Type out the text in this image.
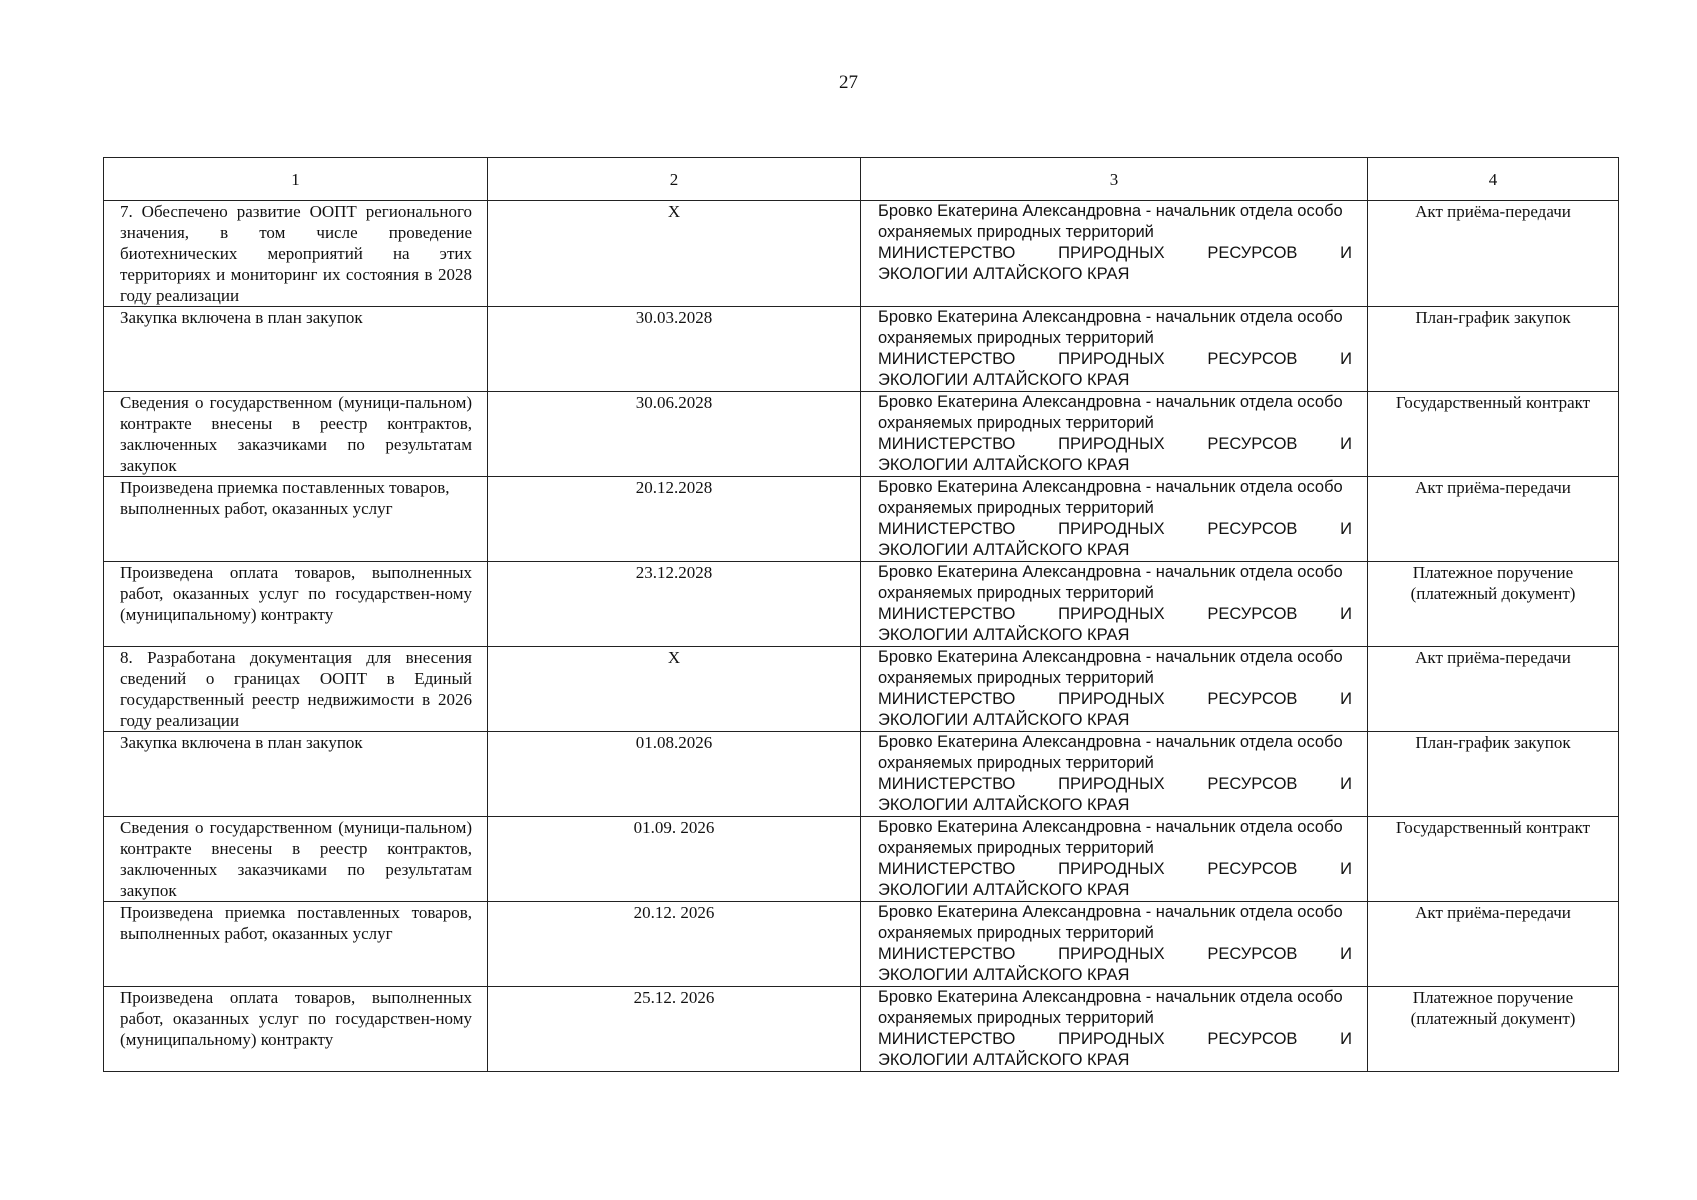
27
1	2	3	4

7. Обеспечено развитие ООПТ регионального значения, в том числе проведение биотехнических мероприятий на этих территориях и мониторинг их состояния в 2028 году реализации	Х	Бровко Екатерина Александровна - начальник отдела особо охраняемых природных территорий
МИНИСТЕРСТВО ПРИРОДНЫХ РЕСУРСОВ И
ЭКОЛОГИИ АЛТАЙСКОГО КРАЯ	Акт приёма-передачи

Закупка включена в план закупок	30.03.2028	Бровко Екатерина Александровна - начальник отдела особо охраняемых природных территорий
МИНИСТЕРСТВО ПРИРОДНЫХ РЕСУРСОВ И
ЭКОЛОГИИ АЛТАЙСКОГО КРАЯ	План-график закупок

Сведения о государственном (муници-пальном) контракте внесены в реестр контрактов, заключенных заказчиками по результатам закупок	30.06.2028	Бровко Екатерина Александровна - начальник отдела особо охраняемых природных территорий
МИНИСТЕРСТВО ПРИРОДНЫХ РЕСУРСОВ И
ЭКОЛОГИИ АЛТАЙСКОГО КРАЯ	Государственный контракт

Произведена приемка поставленных товаров,
выполненных работ, оказанных услуг	20.12.2028	Бровко Екатерина Александровна - начальник отдела особо охраняемых природных территорий
МИНИСТЕРСТВО ПРИРОДНЫХ РЕСУРСОВ И
ЭКОЛОГИИ АЛТАЙСКОГО КРАЯ	Акт приёма-передачи

Произведена оплата товаров, выполненных работ, оказанных услуг по государствен-ному (муниципальному) контракту	23.12.2028	Бровко Екатерина Александровна - начальник отдела особо охраняемых природных территорий
МИНИСТЕРСТВО ПРИРОДНЫХ РЕСУРСОВ И
ЭКОЛОГИИ АЛТАЙСКОГО КРАЯ	Платежное поручение (платежный документ)

8. Разработана документация для внесения сведений о границах ООПТ в Единый государственный реестр недвижимости в 2026 году реализации	Х	Бровко Екатерина Александровна - начальник отдела особо охраняемых природных территорий
МИНИСТЕРСТВО ПРИРОДНЫХ РЕСУРСОВ И
ЭКОЛОГИИ АЛТАЙСКОГО КРАЯ	Акт приёма-передачи

Закупка включена в план закупок	01.08.2026	Бровко Екатерина Александровна - начальник отдела особо охраняемых природных территорий
МИНИСТЕРСТВО ПРИРОДНЫХ РЕСУРСОВ И
ЭКОЛОГИИ АЛТАЙСКОГО КРАЯ	План-график закупок

Сведения о государственном (муници-пальном) контракте внесены в реестр контрактов, заключенных заказчиками по результатам закупок	01.09. 2026	Бровко Екатерина Александровна - начальник отдела особо охраняемых природных территорий
МИНИСТЕРСТВО ПРИРОДНЫХ РЕСУРСОВ И
ЭКОЛОГИИ АЛТАЙСКОГО КРАЯ	Государственный контракт

Произведена приемка поставленных товаров, выполненных работ, оказанных услуг	20.12. 2026	Бровко Екатерина Александровна - начальник отдела особо охраняемых природных территорий
МИНИСТЕРСТВО ПРИРОДНЫХ РЕСУРСОВ И
ЭКОЛОГИИ АЛТАЙСКОГО КРАЯ	Акт приёма-передачи

Произведена оплата товаров, выполненных работ, оказанных услуг по государствен-ному (муниципальному) контракту	25.12. 2026	Бровко Екатерина Александровна - начальник отдела особо охраняемых природных территорий
МИНИСТЕРСТВО ПРИРОДНЫХ РЕСУРСОВ И
ЭКОЛОГИИ АЛТАЙСКОГО КРАЯ	Платежное поручение (платежный документ)
